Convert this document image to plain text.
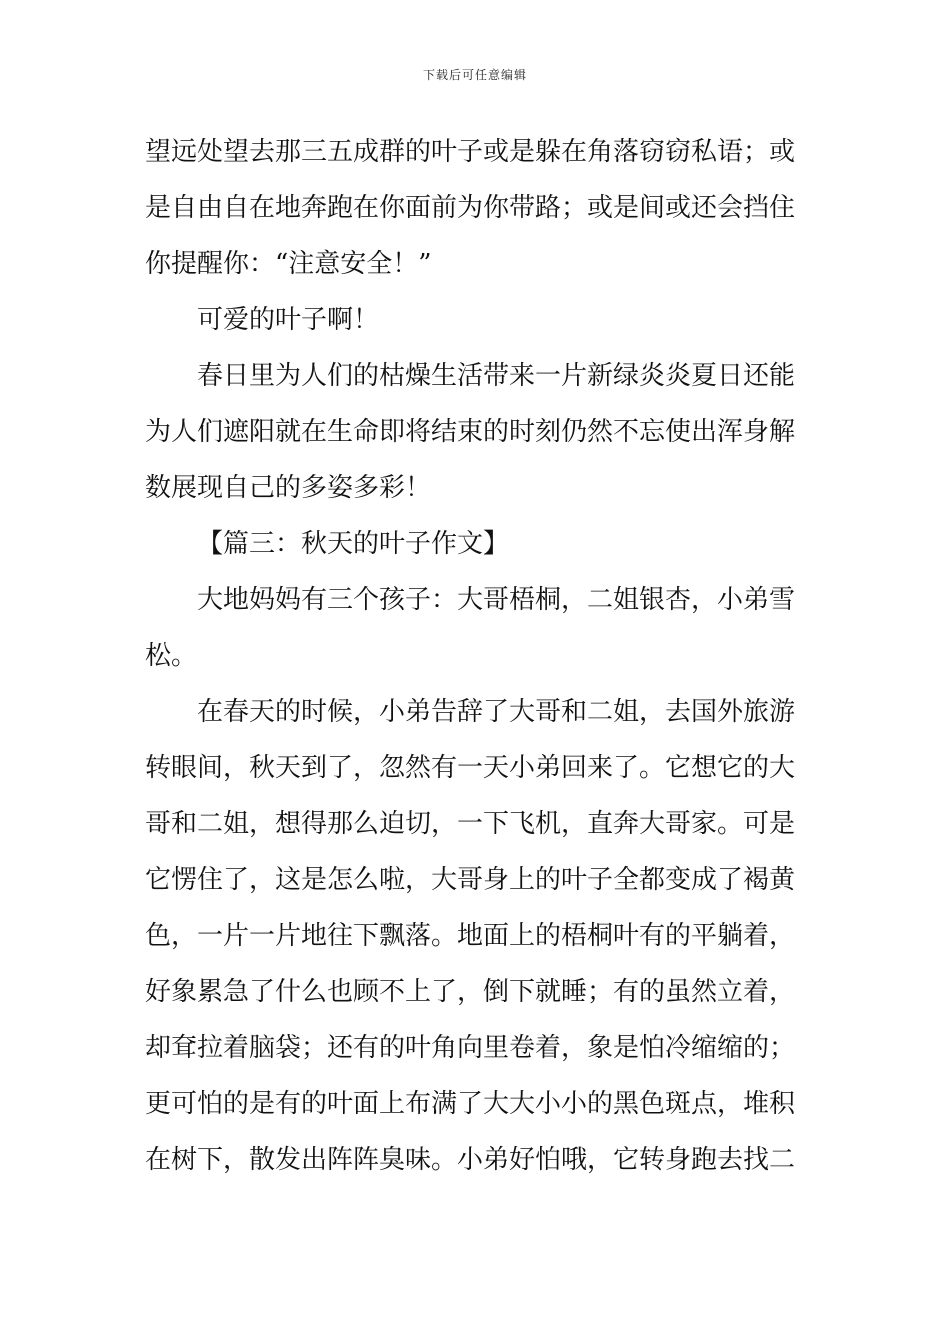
下载后可任意编辑
望远处望去那三五成群的叶子或是躲在角落窃窃私语；或
是自由自在地奔跑在你面前为你带路；或是间或还会挡住
你提醒你：“注意安全！”
可爱的叶子啊！
春日里为人们的枯燥生活带来一片新绿炎炎夏日还能
为人们遮阳就在生命即将结束的时刻仍然不忘使出浑身解
数展现自己的多姿多彩！
【篇三：秋天的叶子作文】
大地妈妈有三个孩子：大哥梧桐，二姐银杏，小弟雪
松。
在春天的时候，小弟告辞了大哥和二姐，去国外旅游
转眼间，秋天到了，忽然有一天小弟回来了。它想它的大
哥和二姐，想得那么迫切，一下飞机，直奔大哥家。可是
它愣住了，这是怎么啦，大哥身上的叶子全都变成了褐黄
色，一片一片地往下飘落。地面上的梧桐叶有的平躺着，
好象累急了什么也顾不上了，倒下就睡；有的虽然立着，
却耷拉着脑袋；还有的叶角向里卷着，象是怕冷缩缩的；
更可怕的是有的叶面上布满了大大小小的黑色斑点，堆积
在树下，散发出阵阵臭味。小弟好怕哦，它转身跑去找二
